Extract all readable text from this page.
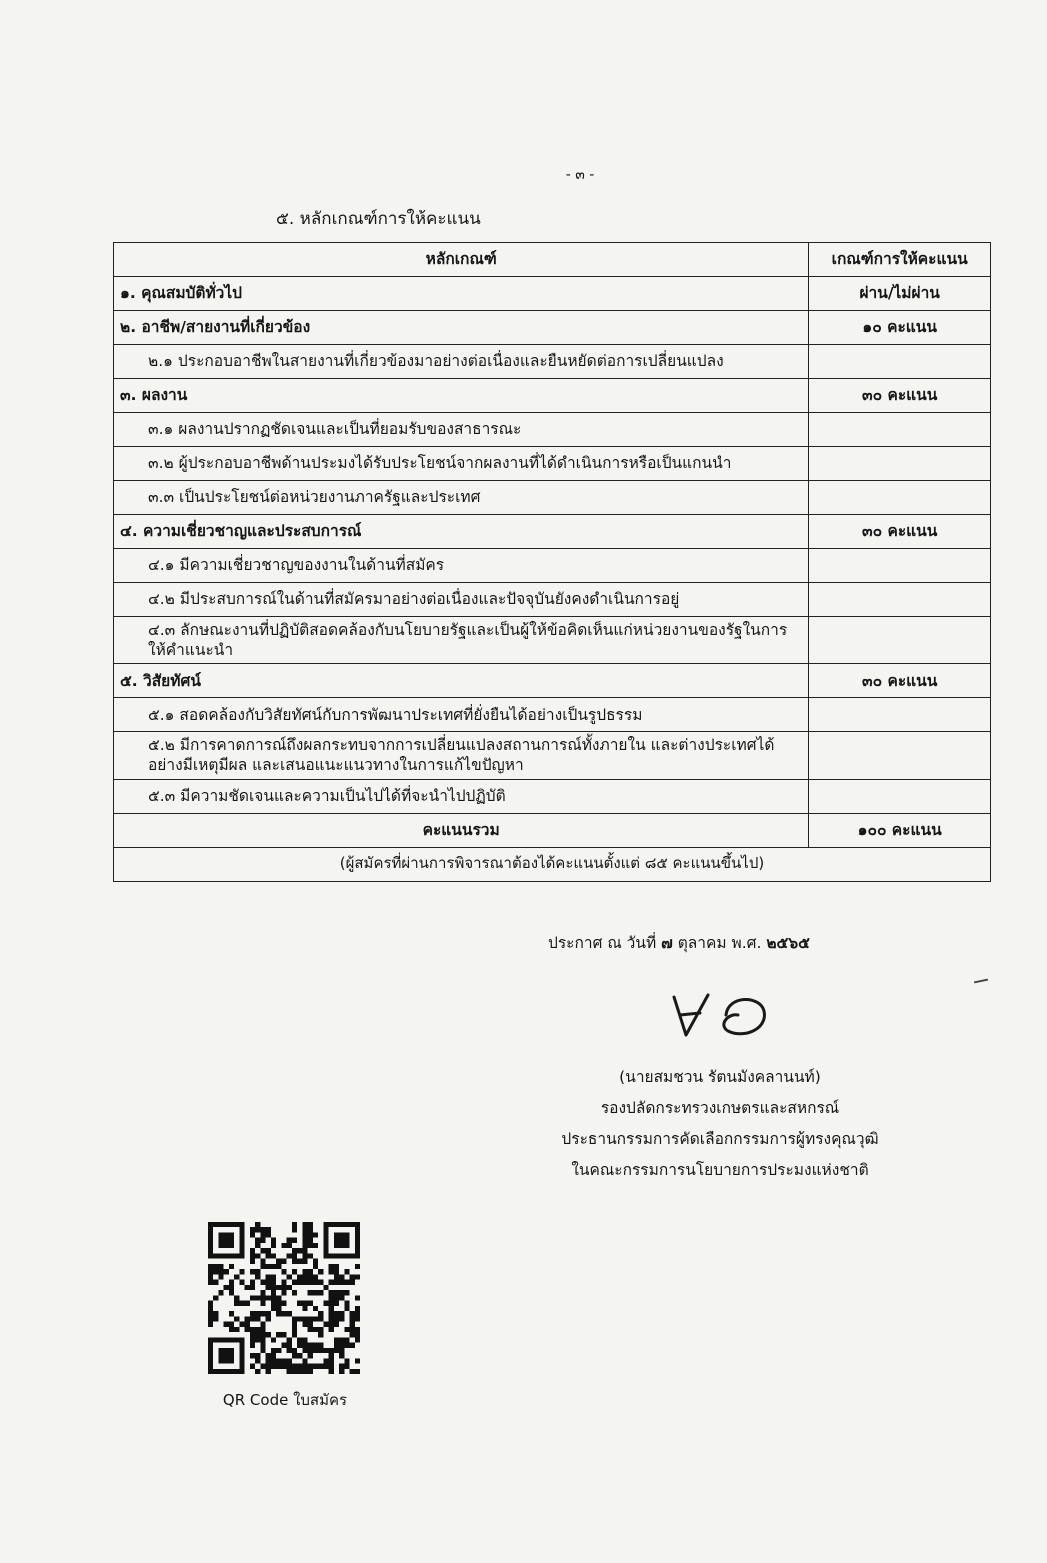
- ๓ -
๕. หลักเกณฑ์การให้คะแนน
หลักเกณฑ์	เกณฑ์การให้คะแนน
๑. คุณสมบัติทั่วไป	ผ่าน/ไม่ผ่าน
๒. อาชีพ/สายงานที่เกี่ยวข้อง	๑๐ คะแนน
๒.๑ ประกอบอาชีพในสายงานที่เกี่ยวข้องมาอย่างต่อเนื่องและยืนหยัดต่อการเปลี่ยนแปลง	
๓. ผลงาน	๓๐ คะแนน
๓.๑ ผลงานปรากฏชัดเจนและเป็นที่ยอมรับของสาธารณะ	
๓.๒ ผู้ประกอบอาชีพด้านประมงได้รับประโยชน์จากผลงานที่ได้ดำเนินการหรือเป็นแกนนำ	
๓.๓ เป็นประโยชน์ต่อหน่วยงานภาครัฐและประเทศ	
๔. ความเชี่ยวชาญและประสบการณ์	๓๐ คะแนน
๔.๑ มีความเชี่ยวชาญของงานในด้านที่สมัคร	
๔.๒ มีประสบการณ์ในด้านที่สมัครมาอย่างต่อเนื่องและปัจจุบันยังคงดำเนินการอยู่	
๔.๓ ลักษณะงานที่ปฏิบัติสอดคล้องกับนโยบายรัฐและเป็นผู้ให้ข้อคิดเห็นแก่หน่วยงานของรัฐในการให้คำแนะนำ	
๕. วิสัยทัศน์	๓๐ คะแนน
๕.๑ สอดคล้องกับวิสัยทัศน์กับการพัฒนาประเทศที่ยั่งยืนได้อย่างเป็นรูปธรรม	
๕.๒ มีการคาดการณ์ถึงผลกระทบจากการเปลี่ยนแปลงสถานการณ์ทั้งภายใน และต่างประเทศได้อย่างมีเหตุมีผล และเสนอแนะแนวทางในการแก้ไขปัญหา	
๕.๓ มีความชัดเจนและความเป็นไปได้ที่จะนำไปปฏิบัติ	
คะแนนรวม	๑๐๐ คะแนน
(ผู้สมัครที่ผ่านการพิจารณาต้องได้คะแนนตั้งแต่ ๘๕ คะแนนขึ้นไป)	
ประกาศ ณ วันที่ ๗ ตุลาคม พ.ศ. ๒๕๖๕
(นายสมชวน รัตนมังคลานนท์)
รองปลัดกระทรวงเกษตรและสหกรณ์
ประธานกรรมการคัดเลือกกรรมการผู้ทรงคุณวุฒิ
ในคณะกรรมการนโยบายการประมงแห่งชาติ
QR Code ใบสมัคร
